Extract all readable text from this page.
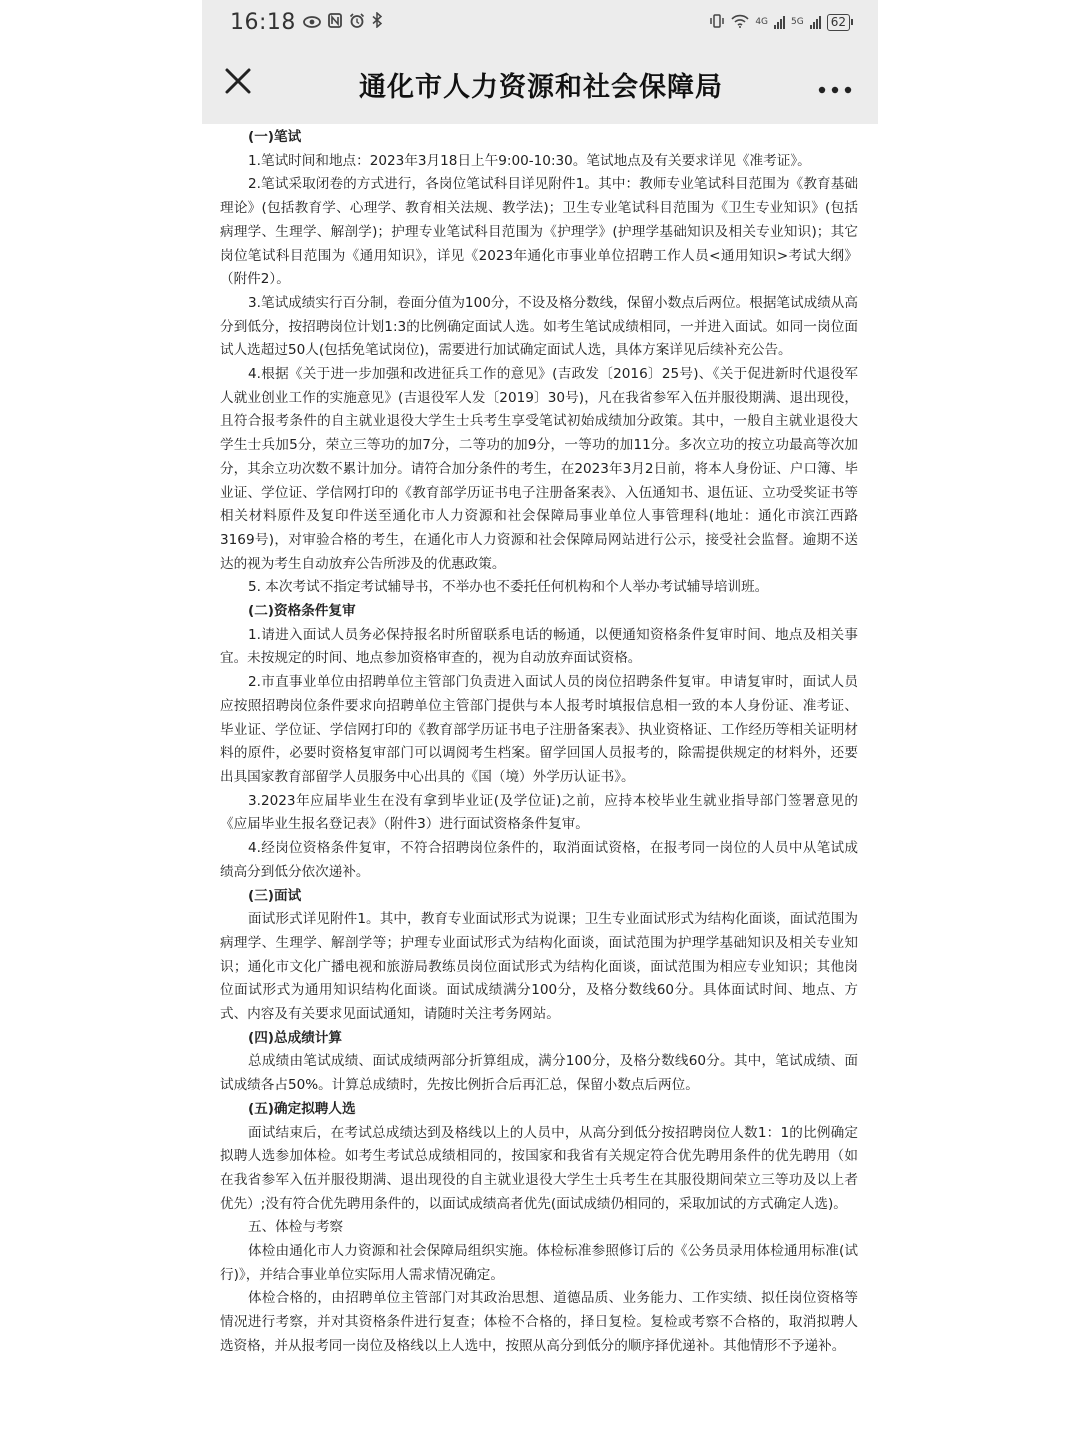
16:18	4G	5G	62
通化市人力资源和社会保障局

(一)笔试

1.笔试时间和地点：2023年3月18日上午9:00-10:30。笔试地点及有关要求详见《准考证》。

2.笔试采取闭卷的方式进行，各岗位笔试科目详见附件1。其中：教师专业笔试科目范围为《教育基础理论》(包括教育学、心理学、教育相关法规、教学法)；卫生专业笔试科目范围为《卫生专业知识》(包括病理学、生理学、解剖学)；护理专业笔试科目范围为《护理学》(护理学基础知识及相关专业知识)；其它岗位笔试科目范围为《通用知识》，详见《2023年通化市事业单位招聘工作人员<通用知识>考试大纲》（附件2）。

3.笔试成绩实行百分制，卷面分值为100分，不设及格分数线，保留小数点后两位。根据笔试成绩从高分到低分，按招聘岗位计划1:3的比例确定面试人选。如考生笔试成绩相同，一并进入面试。如同一岗位面试人选超过50人(包括免笔试岗位)，需要进行加试确定面试人选，具体方案详见后续补充公告。

4.根据《关于进一步加强和改进征兵工作的意见》(吉政发〔2016〕25号)、《关于促进新时代退役军人就业创业工作的实施意见》(吉退役军人发〔2019〕30号)，凡在我省参军入伍并服役期满、退出现役，且符合报考条件的自主就业退役大学生士兵考生享受笔试初始成绩加分政策。其中，一般自主就业退役大学生士兵加5分，荣立三等功的加7分，二等功的加9分，一等功的加11分。多次立功的按立功最高等次加分，其余立功次数不累计加分。请符合加分条件的考生，在2023年3月2日前，将本人身份证、户口簿、毕业证、学位证、学信网打印的《教育部学历证书电子注册备案表》、入伍通知书、退伍证、立功受奖证书等相关材料原件及复印件送至通化市人力资源和社会保障局事业单位人事管理科(地址：通化市滨江西路3169号)，对审验合格的考生，在通化市人力资源和社会保障局网站进行公示，接受社会监督。逾期不送达的视为考生自动放弃公告所涉及的优惠政策。

5. 本次考试不指定考试辅导书，不举办也不委托任何机构和个人举办考试辅导培训班。

(二)资格条件复审

1.请进入面试人员务必保持报名时所留联系电话的畅通，以便通知资格条件复审时间、地点及相关事宜。未按规定的时间、地点参加资格审查的，视为自动放弃面试资格。

2.市直事业单位由招聘单位主管部门负责进入面试人员的岗位招聘条件复审。申请复审时，面试人员应按照招聘岗位条件要求向招聘单位主管部门提供与本人报考时填报信息相一致的本人身份证、准考证、毕业证、学位证、学信网打印的《教育部学历证书电子注册备案表》、执业资格证、工作经历等相关证明材料的原件，必要时资格复审部门可以调阅考生档案。留学回国人员报考的，除需提供规定的材料外，还要出具国家教育部留学人员服务中心出具的《国（境）外学历认证书》。

3.2023年应届毕业生在没有拿到毕业证(及学位证)之前，应持本校毕业生就业指导部门签署意见的《应届毕业生报名登记表》（附件3）进行面试资格条件复审。

4.经岗位资格条件复审，不符合招聘岗位条件的，取消面试资格，在报考同一岗位的人员中从笔试成绩高分到低分依次递补。

(三)面试

面试形式详见附件1。其中，教育专业面试形式为说课；卫生专业面试形式为结构化面谈，面试范围为病理学、生理学、解剖学等；护理专业面试形式为结构化面谈，面试范围为护理学基础知识及相关专业知识；通化市文化广播电视和旅游局教练员岗位面试形式为结构化面谈，面试范围为相应专业知识；其他岗位面试形式为通用知识结构化面谈。面试成绩满分100分，及格分数线60分。具体面试时间、地点、方式、内容及有关要求见面试通知，请随时关注考务网站。

(四)总成绩计算

总成绩由笔试成绩、面试成绩两部分折算组成，满分100分，及格分数线60分。其中，笔试成绩、面试成绩各占50%。计算总成绩时，先按比例折合后再汇总，保留小数点后两位。

(五)确定拟聘人选

面试结束后，在考试总成绩达到及格线以上的人员中，从高分到低分按招聘岗位人数1：1的比例确定拟聘人选参加体检。如考生考试总成绩相同的，按国家和我省有关规定符合优先聘用条件的优先聘用（如在我省参军入伍并服役期满、退出现役的自主就业退役大学生士兵考生在其服役期间荣立三等功及以上者优先）;没有符合优先聘用条件的，以面试成绩高者优先(面试成绩仍相同的，采取加试的方式确定人选)。

五、体检与考察

体检由通化市人力资源和社会保障局组织实施。体检标准参照修订后的《公务员录用体检通用标准(试行)》，并结合事业单位实际用人需求情况确定。

体检合格的，由招聘单位主管部门对其政治思想、道德品质、业务能力、工作实绩、拟任岗位资格等情况进行考察，并对其资格条件进行复查；体检不合格的，择日复检。复检或考察不合格的，取消拟聘人选资格，并从报考同一岗位及格线以上人选中，按照从高分到低分的顺序择优递补。其他情形不予递补。
